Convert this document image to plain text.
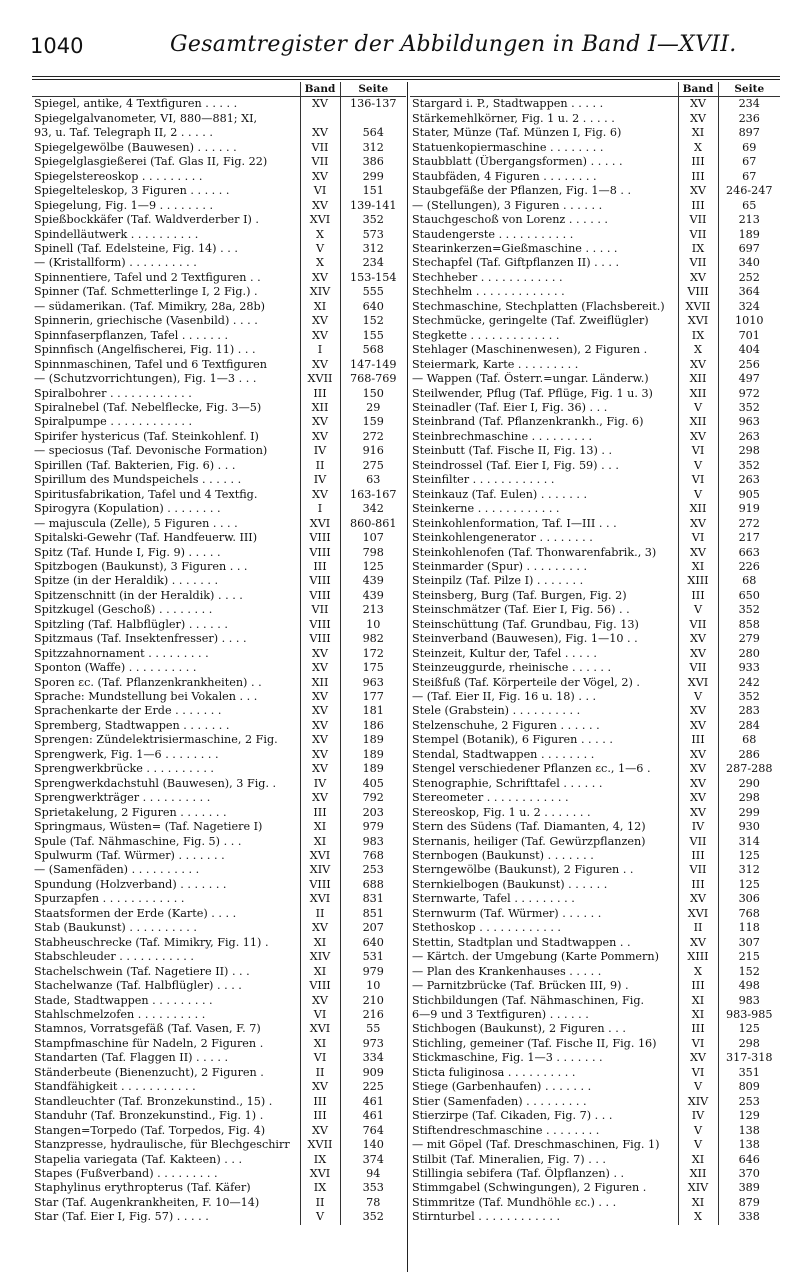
1040	Gesamtregister der Abbildungen in Band I—XVII.
	Band	Seite
Spiegel, antike, 4 Textfiguren . . . . .	XV	136-137
Spiegelgalvanometer, VI, 880—881; XI,		
93, u. Taf. Telegraph II, 2 . . . . .	XV	564
Spiegelgewölbe (Bauwesen) . . . . . .	VII	312
Spiegelglasgießerei (Taf. Glas II, Fig. 22)	VII	386
Spiegelstereoskop . . . . . . . . .	XV	299
Spiegelteleskop, 3 Figuren . . . . . .	VI	151
Spiegelung, Fig. 1—9 . . . . . . . .	XV	139-141
Spießbockkäfer (Taf. Waldverderber I) .	XVI	352
Spindelläutwerk . . . . . . . . . .	X	573
Spinell (Taf. Edelsteine, Fig. 14) . . .	V	312
— (Kristallform) . . . . . . . . . .	X	234
Spinnentiere, Tafel und 2 Textfiguren . .	XV	153-154
Spinner (Taf. Schmetterlinge I, 2 Fig.) .	XIV	555
— südamerikan. (Taf. Mimikry, 28a, 28b)	XI	640
Spinnerin, griechische (Vasenbild) . . . .	XV	152
Spinnfaserpflanzen, Tafel . . . . . . .	XV	155
Spinnfisch (Angelfischerei, Fig. 11) . . .	I	568
Spinnmaschinen, Tafel und 6 Textfiguren	XV	147-149
— (Schutzvorrichtungen), Fig. 1—3 . . .	XVII	768-769
Spiralbohrer . . . . . . . . . . . .	III	150
Spiralnebel (Taf. Nebelflecke, Fig. 3—5)	XII	29
Spiralpumpe . . . . . . . . . . . .	XV	159
Spirifer hystericus (Taf. Steinkohlenf. I)	XV	272
— speciosus (Taf. Devonische Formation)	IV	916
Spirillen (Taf. Bakterien, Fig. 6) . . .	II	275
Spirillum des Mundspeichels . . . . . .	IV	63
Spiritusfabrikation, Tafel und 4 Textfig.	XV	163-167
Spirogyra (Kopulation) . . . . . . . .	I	342
— majuscula (Zelle), 5 Figuren . . . .	XVI	860-861
Spitalski-Gewehr (Taf. Handfeuerw. III)	VIII	107
Spitz (Taf. Hunde I, Fig. 9) . . . . .	VIII	798
Spitzbogen (Baukunst), 3 Figuren . . .	III	125
Spitze (in der Heraldik) . . . . . . .	VIII	439
Spitzenschnitt (in der Heraldik) . . . .	VIII	439
Spitzkugel (Geschoß) . . . . . . . .	VII	213
Spitzling (Taf. Halbflügler) . . . . . .	VIII	10
Spitzmaus (Taf. Insektenfresser) . . . .	VIII	982
Spitzzahnornament . . . . . . . . .	XV	172
Sponton (Waffe) . . . . . . . . . .	XV	175
Sporen ɛc. (Taf. Pflanzenkrankheiten) . .	XII	963
Sprache: Mundstellung bei Vokalen . . .	XV	177
Sprachenkarte der Erde . . . . . . .	XV	181
Spremberg, Stadtwappen . . . . . . .	XV	186
Sprengen: Zündelektrisiermaschine, 2 Fig.	XV	189
Sprengwerk, Fig. 1—6 . . . . . . . .	XV	189
Sprengwerkbrücke . . . . . . . . . .	XV	189
Sprengwerkdachstuhl (Bauwesen), 3 Fig. .	IV	405
Sprengwerkträger . . . . . . . . . .	XV	792
Sprietakelung, 2 Figuren . . . . . . .	III	203
Springmaus, Wüsten= (Taf. Nagetiere I)	XI	979
Spule (Taf. Nähmaschine, Fig. 5) . . .	XI	983
Spulwurm (Taf. Würmer) . . . . . . .	XVI	768
— (Samenfäden) . . . . . . . . . .	XIV	253
Spundung (Holzverband) . . . . . . .	VIII	688
Spurzapfen . . . . . . . . . . . .	XVI	831
Staatsformen der Erde (Karte) . . . .	II	851
Stab (Baukunst) . . . . . . . . . .	XV	207
Stabheuschrecke (Taf. Mimikry, Fig. 11) .	XI	640
Stabschleuder . . . . . . . . . . .	XIV	531
Stachelschwein (Taf. Nagetiere II) . . .	XI	979
Stachelwanze (Taf. Halbflügler) . . . .	VIII	10
Stade, Stadtwappen . . . . . . . . .	XV	210
Stahlschmelzofen . . . . . . . . . .	VI	216
Stamnos, Vorratsgefäß (Taf. Vasen, F. 7)	XVI	55
Stampfmaschine für Nadeln, 2 Figuren .	XI	973
Standarten (Taf. Flaggen II) . . . . .	VI	334
Ständerbeute (Bienenzucht), 2 Figuren .	II	909
Standfähigkeit . . . . . . . . . . .	XV	225
Standleuchter (Taf. Bronzekunstind., 15) .	III	461
Standuhr (Taf. Bronzekunstind., Fig. 1) .	III	461
Stangen=Torpedo (Taf. Torpedos, Fig. 4)	XV	764
Stanzpresse, hydraulische, für Blechgeschirr	XVII	140
Stapelia variegata (Taf. Kakteen) . . .	IX	374
Stapes (Fußverband) . . . . . . . . .	XVI	94
Staphylinus erythropterus (Taf. Käfer)	IX	353
Star (Taf. Augenkrankheiten, F. 10—14)	II	78
Star (Taf. Eier I, Fig. 57) . . . . .	V	352
	Band	Seite
Stargard i. P., Stadtwappen . . . . .	XV	234
Stärkemehlkörner, Fig. 1 u. 2 . . . . .	XV	236
Stater, Münze (Taf. Münzen I, Fig. 6)	XI	897
Statuenkopiermaschine . . . . . . . .	X	69
Staubblatt (Übergangsformen) . . . . .	III	67
Staubfäden, 4 Figuren . . . . . . . .	III	67
Staubgefäße der Pflanzen, Fig. 1—8 . .	XV	246-247
— (Stellungen), 3 Figuren . . . . . .	III	65
Stauchgeschoß von Lorenz . . . . . .	VII	213
Staudengerste . . . . . . . . . . .	VII	189
Stearinkerzen=Gießmaschine . . . . .	IX	697
Stechapfel (Taf. Giftpflanzen II) . . . .	VII	340
Stechheber . . . . . . . . . . . .	XV	252
Stechhelm . . . . . . . . . . . . .	VIII	364
Stechmaschine, Stechplatten (Flachsbereit.)	XVII	324
Stechmücke, geringelte (Taf. Zweiflügler)	XVI	1010
Stegkette . . . . . . . . . . . . .	IX	701
Stehlager (Maschinenwesen), 2 Figuren .	X	404
Steiermark, Karte . . . . . . . . .	XV	256
— Wappen (Taf. Österr.=ungar. Länderw.)	XII	497
Steilwender, Pflug (Taf. Pflüge, Fig. 1 u. 3)	XII	972
Steinadler (Taf. Eier I, Fig. 36) . . .	V	352
Steinbrand (Taf. Pflanzenkrankh., Fig. 6)	XII	963
Steinbrechmaschine . . . . . . . . .	XV	263
Steinbutt (Taf. Fische II, Fig. 13) . .	VI	298
Steindrossel (Taf. Eier I, Fig. 59) . . .	V	352
Steinfilter . . . . . . . . . . . .	VI	263
Steinkauz (Taf. Eulen) . . . . . . .	V	905
Steinkerne . . . . . . . . . . . .	XII	919
Steinkohlenformation, Taf. I—III . . .	XV	272
Steinkohlengenerator . . . . . . . .	VI	217
Steinkohlenofen (Taf. Thonwarenfabrik., 3)	XV	663
Steinmarder (Spur) . . . . . . . . .	XI	226
Steinpilz (Taf. Pilze I) . . . . . . .	XIII	68
Steinsberg, Burg (Taf. Burgen, Fig. 2)	III	650
Steinschmätzer (Taf. Eier I, Fig. 56) . .	V	352
Steinschüttung (Taf. Grundbau, Fig. 13)	VII	858
Steinverband (Bauwesen), Fig. 1—10 . .	XV	279
Steinzeit, Kultur der, Tafel . . . . .	XV	280
Steinzeuggurde, rheinische . . . . . .	VII	933
Steißfuß (Taf. Körperteile der Vögel, 2) .	XVI	242
— (Taf. Eier II, Fig. 16 u. 18) . . .	V	352
Stele (Grabstein) . . . . . . . . . .	XV	283
Stelzenschuhe, 2 Figuren . . . . . .	XV	284
Stempel (Botanik), 6 Figuren . . . . .	III	68
Stendal, Stadtwappen . . . . . . . .	XV	286
Stengel verschiedener Pflanzen ɛc., 1—6 .	XV	287-288
Stenographie, Schrifttafel . . . . . .	XV	290
Stereometer . . . . . . . . . . . .	XV	298
Stereoskop, Fig. 1 u. 2 . . . . . . .	XV	299
Stern des Südens (Taf. Diamanten, 4, 12)	IV	930
Sternanis, heiliger (Taf. Gewürzpflanzen)	VII	314
Sternbogen (Baukunst) . . . . . . .	III	125
Sterngewölbe (Baukunst), 2 Figuren . .	VII	312
Sternkielbogen (Baukunst) . . . . . .	III	125
Sternwarte, Tafel . . . . . . . . .	XV	306
Sternwurm (Taf. Würmer) . . . . . .	XVI	768
Stethoskop . . . . . . . . . . . .	II	118
Stettin, Stadtplan und Stadtwappen . .	XV	307
— Kärtch. der Umgebung (Karte Pommern)	XIII	215
— Plan des Krankenhauses . . . . .	X	152
— Parnitzbrücke (Taf. Brücken III, 9) .	III	498
Stichbildungen (Taf. Nähmaschinen, Fig.	XI	983
6—9 und 3 Textfiguren) . . . . . .	XI	983-985
Stichbogen (Baukunst), 2 Figuren . . .	III	125
Stichling, gemeiner (Taf. Fische II, Fig. 16)	VI	298
Stickmaschine, Fig. 1—3 . . . . . . .	XV	317-318
Sticta fuliginosa . . . . . . . . . .	VI	351
Stiege (Garbenhaufen) . . . . . . .	V	809
Stier (Samenfaden) . . . . . . . . .	XIV	253
Stierzirpe (Taf. Cikaden, Fig. 7) . . .	IV	129
Stiftendreschmaschine . . . . . . . .	V	138
— mit Göpel (Taf. Dreschmaschinen, Fig. 1)	V	138
Stilbit (Taf. Mineralien, Fig. 7) . . .	XI	646
Stillingia sebifera (Taf. Ölpflanzen) . .	XII	370
Stimmgabel (Schwingungen), 2 Figuren .	XIV	389
Stimmritze (Taf. Mundhöhle ɛc.) . . .	XI	879
Stirnturbel . . . . . . . . . . . .	X	338
